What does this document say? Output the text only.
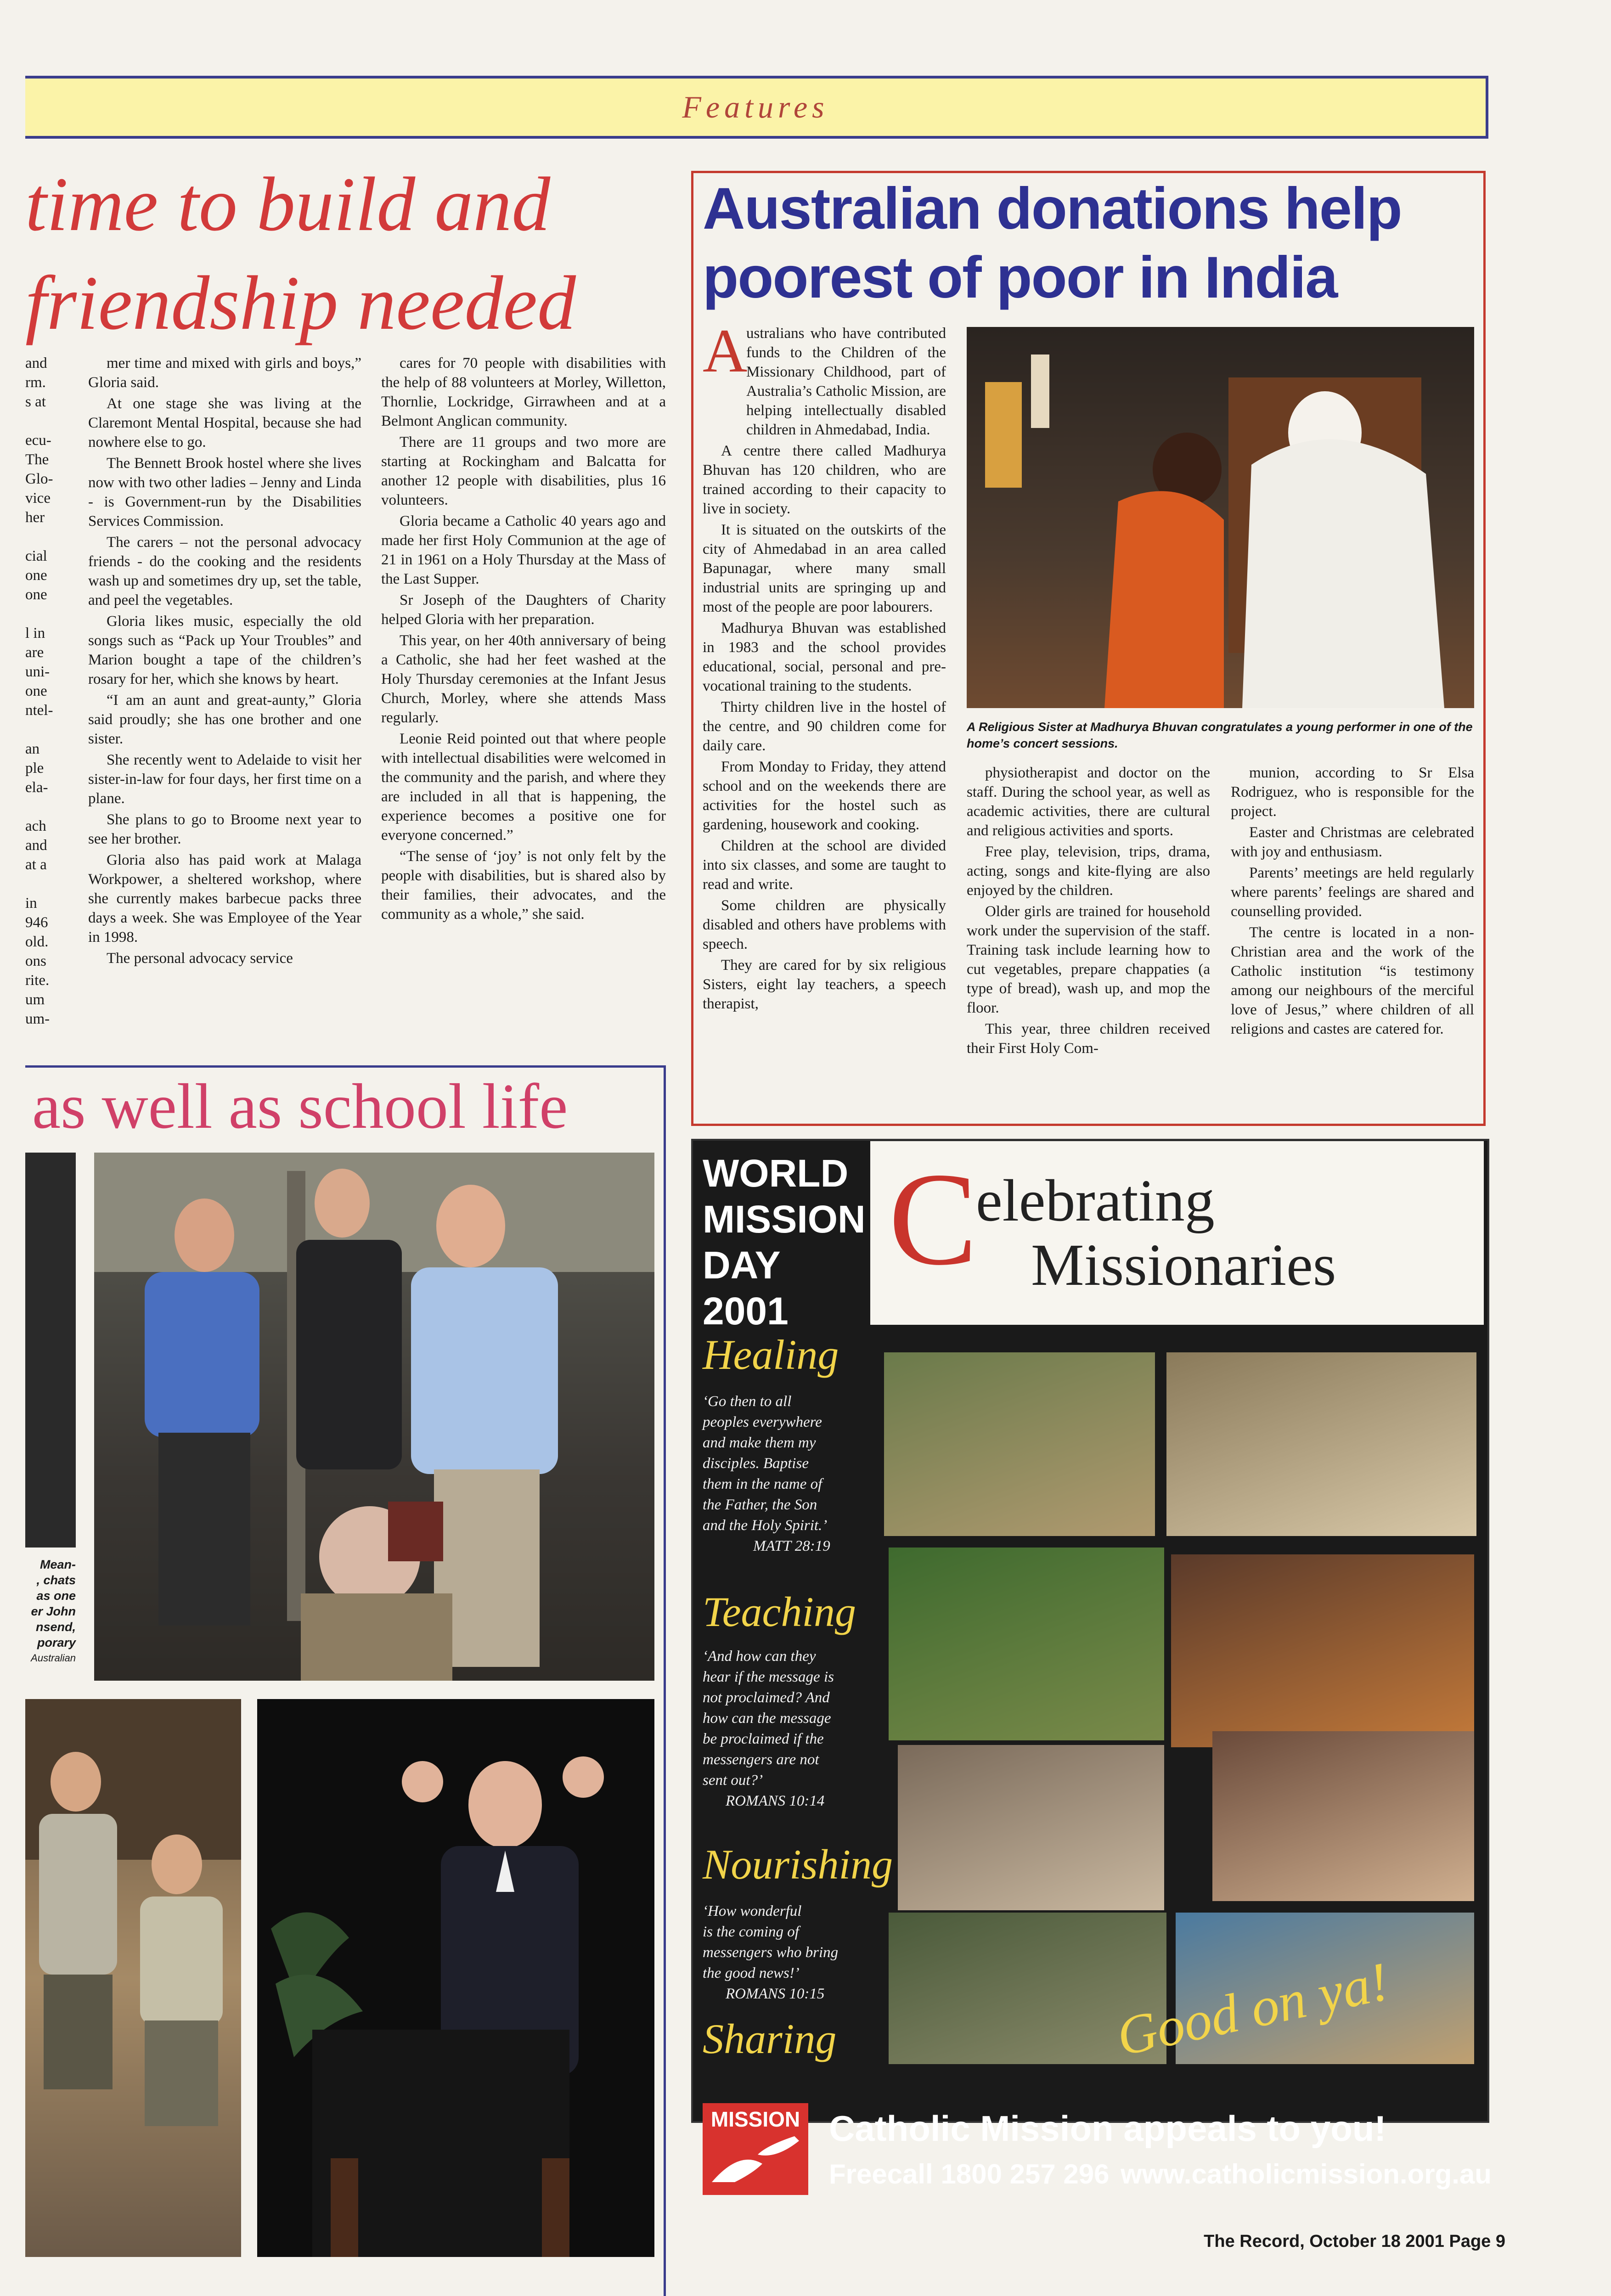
Features
time to build and
friendship needed
and
rm.
s at
ecu-
The
Glo-
vice
her
cial
one
one
l in
are
uni-
one
ntel-
an
ple
ela-
ach
and
at a
in
946
old.
ons
rite.
um
um-

mer time and mixed with girls and boys,” Gloria said.

At one stage she was living at the Claremont Mental Hospital, because she had nowhere else to go.

The Bennett Brook hostel where she lives now with two other ladies – Jenny and Linda - is Government-run by the Disabilities Services Commission.

The carers – not the personal advocacy friends - do the cooking and the residents wash up and sometimes dry up, set the table, and peel the vegetables.

Gloria likes music, especially the old songs such as “Pack up Your Troubles” and Marion bought a tape of the children’s rosary for her, which she knows by heart.

“I am an aunt and great-aunty,” Gloria said proudly; she has one brother and one sister.

She recently went to Adelaide to visit her sister-in-law for four days, her first time on a plane.

She plans to go to Broome next year to see her brother.

Gloria also has paid work at Malaga Workpower, a sheltered workshop, where she currently makes barbecue packs three days a week. She was Employee of the Year in 1998.

The personal advocacy service

cares for 70 people with disabilities with the help of 88 volunteers at Morley, Willetton, Thornlie, Lockridge, Girrawheen and at a Belmont Anglican community.

There are 11 groups and two more are starting at Rockingham and Balcatta for another 12 people with disabilities, plus 16 volunteers.

Gloria became a Catholic 40 years ago and made her first Holy Communion at the age of 21 in 1961 on a Holy Thursday at the Mass of the Last Supper.

Sr Joseph of the Daughters of Charity helped Gloria with her preparation.

This year, on her 40th anniversary of being a Catholic, she had her feet washed at the Holy Thursday ceremonies at the Infant Jesus Church, Morley, where she attends Mass regularly.

Leonie Reid pointed out that where people with intellectual disabilities were welcomed in the community and the parish, and where they are included in all that is happening, the experience becomes a positive one for everyone concerned.”

“The sense of ‘joy’ is not only felt by the people with disabilities, but is shared also by their families, their advocates, and the community as a whole,” she said.

as well as school life
Mean-
, chats
as one
er John
nsend,
porary
Australian
Australian donations help poorest of poor in India
A

ustralians who have contributed funds to the Children of the Missionary Childhood, part of Australia’s Catholic Mission, are helping intellectually disabled children in Ahmedabad, India.

A centre there called Madhurya Bhuvan has 120 children, who are trained according to their capacity to live in society.

It is situated on the outskirts of the city of Ahmedabad in an area called Bapunagar, where many small industrial units are springing up and most of the people are poor labourers.

Madhurya Bhuvan was established in 1983 and the school provides educational, social, personal and pre-vocational training to the students.

Thirty children live in the hostel of the centre, and 90 children come for daily care.

From Monday to Friday, they attend school and on the weekends there are activities for the hostel such as gardening, housework and cooking.

Children at the school are divided into six classes, and some are taught to read and write.

Some children are physically disabled and others have problems with speech.

They are cared for by six religious Sisters, eight lay teachers, a speech therapist,

A Religious Sister at Madhurya Bhuvan congratulates a young performer in one of the home’s concert sessions.

physiotherapist and doctor on the staff. During the school year, as well as academic activities, there are cultural and religious activities and sports.

Free play, television, trips, drama, acting, songs and kite-flying are also enjoyed by the children.

Older girls are trained for household work under the supervision of the staff. Training task include learning how to cut vegetables, prepare chappaties (a type of bread), wash up, and mop the floor.

This year, three children received their First Holy Com-

munion, according to Sr Elsa Rodriguez, who is responsible for the project.

Easter and Christmas are celebrated with joy and enthusiasm.

Parents’ meetings are held regularly where parents’ feelings are shared and counselling provided.

The centre is located in a non-Christian area and the work of the Catholic institution “is testimony among our neighbours of the merciful love of Jesus,” where children of all religions and castes are catered for.

WORLD
MISSION
DAY 2001
C
elebrating
Missionaries
Healing
‘Go then to all
peoples everywhere
and make them my
disciples. Baptise
them in the name of
the Father, the Son
and the Holy Spirit.’
MATT 28:19
Teaching
‘And how can they
hear if the message is
not proclaimed? And
how can the message
be proclaimed if the
messengers are not
sent out?’
ROMANS 10:14
Nourishing
‘How wonderful
is the coming of
messengers who bring
the good news!’
ROMANS 10:15
Sharing	Good on ya!
MISSION Catholic Mission appeals to you!
Freecall 1800 257 296 www.catholicmission.org.au
The Record, October 18 2001 Page 9
